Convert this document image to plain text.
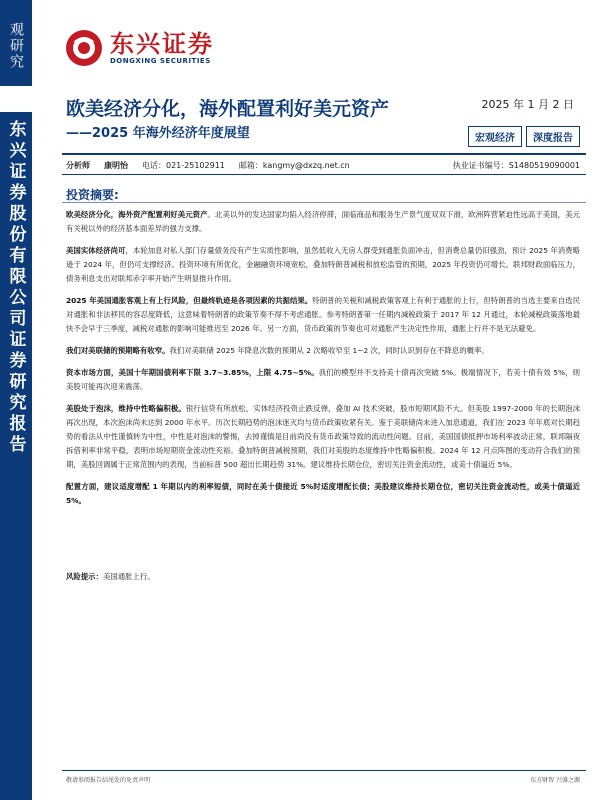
观研究
东兴证券股份有限公司证券研究报告
东兴证券
DONGXING SECURITIES
欧美经济分化，海外配置利好美元资产
——2025 年海外经济年度展望
2025 年 1 月 2 日
宏观经济	深度报告
分析师 康明怡 电话：021-25102911 邮箱：kangmy@dxzq.net.cn	执业证书编号：S1480519090001
投资摘要:

欧美经济分化，海外资产配置利好美元资产。北美以外的发达国家均陷入经济停滞，面临商品和服务生产景气度双双下滑，欧洲阵营紧迫性远高于美国，美元有关税以外的经济基本面差异的强力支撑。

美国实体经济尚可，本轮加息对私人部门存量债务没有产生实质性影响，虽然低收入无房人群受到通胀负面冲击，但消费总量仍旧强劲，预计 2025 年消费略逊于 2024 年，但仍可支撑经济。投资环境有所优化，金融融资环境宽松，叠加特朗普减税和放松监管的预期，2025 年投资仍可增长。联邦财政面临压力，债务利息支出对联邦赤字率开始产生明显推升作用。

2025 年美国通胀客观上有上行风险，但最终轨迹是各项因素的共振结果。特朗普的关税和减税政策客观上有利于通胀的上行，但特朗普的当选主要来自选民对通胀和非法移民的容忍度降低，这意味着特朗普的政策节奏不得不考虑通胀。参考特朗普第一任期内减税政策于 2017 年 12 月通过，本轮减税政策落地最快不会早于三季度，减税对通胀的影响可能推迟至 2026 年。另一方面，货币政策的节奏也可对通胀产生决定性作用，通胀上行并不是无法避免。

我们对美联储的预期略有收窄。我们对美联储 2025 年降息次数的预期从 2 次略收窄至 1~2 次，同时认识到存在不降息的概率。

资本市场方面，美国十年期国债利率下限 3.7~3.85%，上限 4.75~5%。我们的模型并不支持美十债再次突破 5%。极端情况下，若美十债有效 5%，则美股可能再次迎来震荡。

美股处于泡沫，维持中性略偏积极。银行信贷有所放松，实体经济投资止跌反弹，叠加 AI 技术突破，股市短期风险不大。但美股 1997-2000 年的长期泡沫再次出现，本次泡沫尚未达到 2000 年水平。历次长期趋势的泡沫迷灭均与货币政策收紧有关。鉴于美联储尚未进入加息通道，我们在 2023 年年底对长期趋势的看法从中性谨慎转为中性，中性是对泡沫的警惕，去掉谨慎是目前尚没有货币政策导致的流动性问题。目前，美国国债抵押市场利率波动正常，联邦隔夜拆借利率非常平稳，表明市场短期资金流动性充裕。叠加特朗普减税预期，我们对美股的态度维持中性略偏积极。2024 年 12 月点阵图的变动符合我们的预期，美股回调属于正常范围内的表现，当前标普 500 超出长期趋势 31%。建议维持长期仓位，密切关注资金流动性，或美十债逼近 5%。

配置方面，建议适度增配 1 年期以内的利率短债，同时在美十债接近 5%时适度增配长债；美股建议维持长期仓位，密切关注资金流动性，或美十债逼近 5%。

风险提示：美国通胀上行。
敬请参阅报告结尾处的免责声明	东方财智 兴盛之源
